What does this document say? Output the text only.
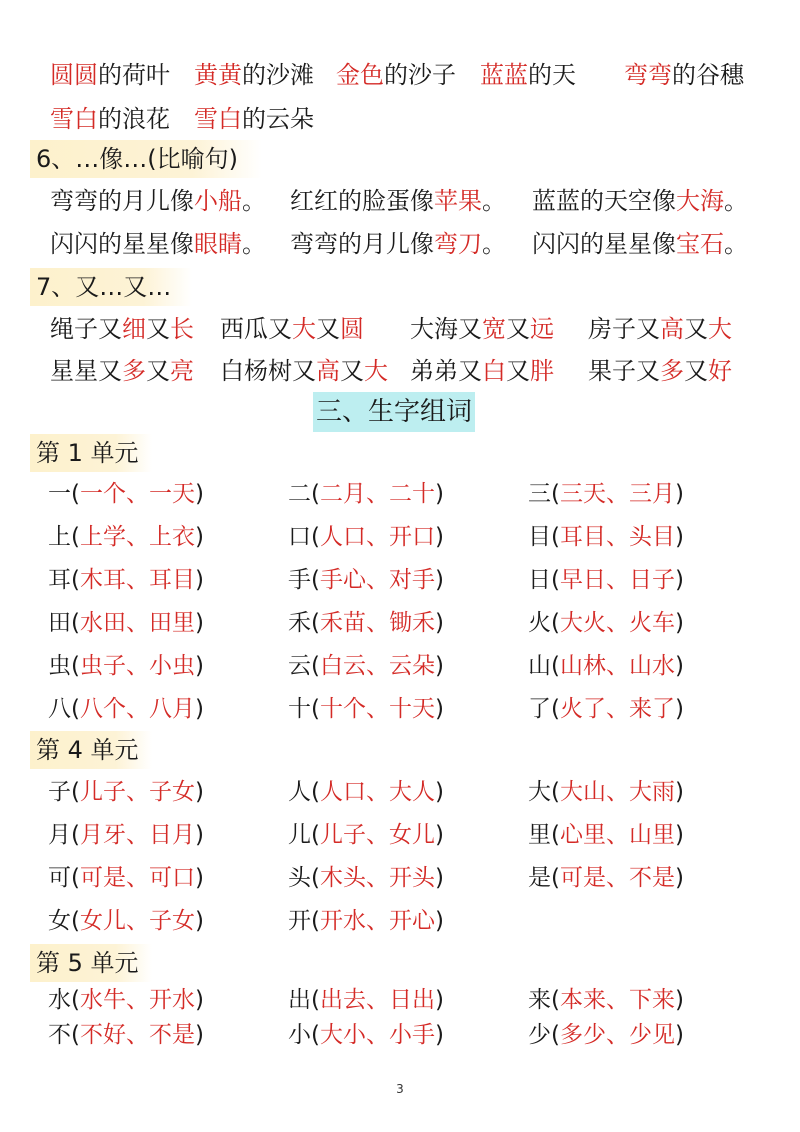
圆圆的荷叶 黄黄的沙滩 金色的沙子 蓝蓝的天 弯弯的谷穗
雪白的浪花 雪白的云朵
6、…像…(比喻句)
弯弯的月儿像小船。 红红的脸蛋像苹果。 蓝蓝的天空像大海。
闪闪的星星像眼睛。 弯弯的月儿像弯刀。 闪闪的星星像宝石。
7、又…又…
绳子又细又长 西瓜又大又圆 大海又宽又远 房子又高又大
星星又多又亮 白杨树又高又大 弟弟又白又胖 果子又多又好
三、生字组词
第 1 单元
第 4 单元
第 5 单元
一(一个、一天)	二(二月、二十)	三(三天、三月)
上(上学、上衣)	口(人口、开口)	目(耳目、头目)
耳(木耳、耳目)	手(手心、对手)	日(早日、日子)
田(水田、田里)	禾(禾苗、锄禾)	火(大火、火车)
虫(虫子、小虫)	云(白云、云朵)	山(山林、山水)
八(八个、八月)	十(十个、十天)	了(火了、来了)
子(儿子、子女)	人(人口、大人)	大(大山、大雨)
月(月牙、日月)	儿(儿子、女儿)	里(心里、山里)
可(可是、可口)	头(木头、开头)	是(可是、不是)
女(女儿、子女)	开(开水、开心)
水(水牛、开水)	出(出去、日出)	来(本来、下来)
不(不好、不是)	小(大小、小手)	少(多少、少见)
3
